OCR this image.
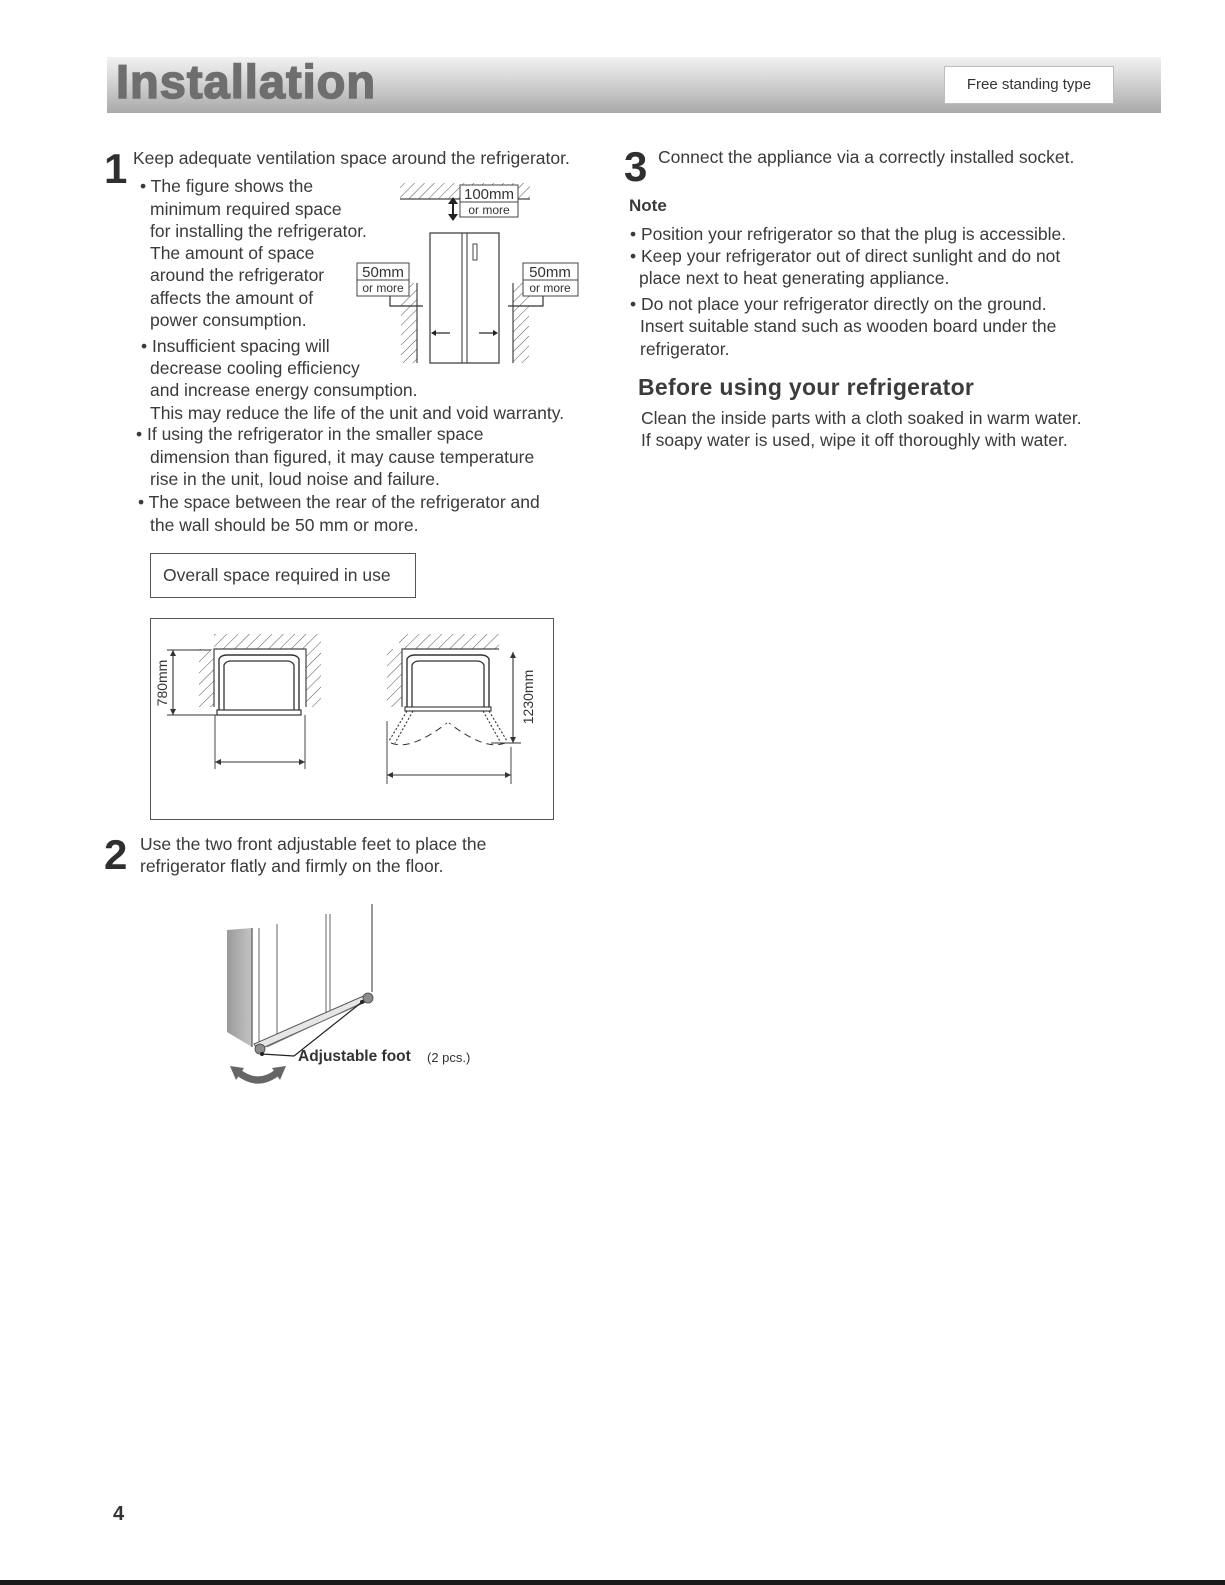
Installation	Free standing type
1 Keep adequate ventilation space around the refrigerator.
• The figure shows the
minimum required space
for installing the refrigerator.
The amount of space
around the refrigerator
affects the amount of
power consumption.
• Insufficient spacing will
decrease cooling efficiency
and increase energy consumption.
This may reduce the life of the unit and void warranty.
• If using the refrigerator in the smaller space
dimension than figured, it may cause temperature
rise in the unit, loud noise and failure.
• The space between the rear of the refrigerator and
the wall should be 50 mm or more.
100mm
or more
50mm
or more
50mm
or more
Overall space required in use
780mm	1230mm
2 Use the two front adjustable feet to place the
refrigerator flatly and firmly on the floor.
Adjustable foot (2 pcs.)
3 Connect the appliance via a correctly installed socket.
Note
• Position your refrigerator so that the plug is accessible.
• Keep your refrigerator out of direct sunlight and do not
place next to heat generating appliance.
• Do not place your refrigerator directly on the ground.
Insert suitable stand such as wooden board under the
refrigerator.
Before using your refrigerator
Clean the inside parts with a cloth soaked in warm water.
If soapy water is used, wipe it off thoroughly with water.
4
